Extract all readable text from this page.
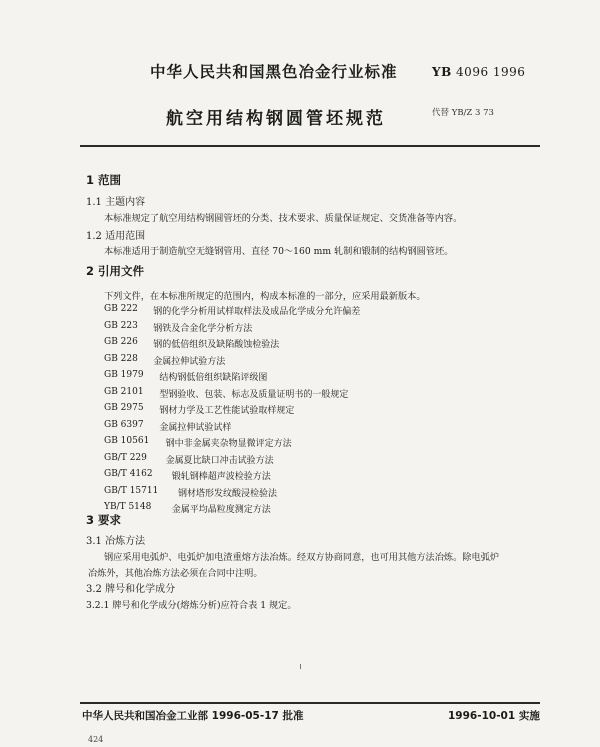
中华人民共和国黑色冶金行业标准	YB 4096 1996
航空用结构钢圆管坯规范	代替 YB/Z 3 73
1 范围
1.1 主题内容
本标准规定了航空用结构钢圆管坯的分类、技术要求、质量保证规定、交货准备等内容。
1.2 适用范围
本标准适用于制造航空无缝钢管用、直径 70～160 mm 轧制和锻制的结构钢圆管坯。
2 引用文件
下列文件，在本标准所规定的范围内，构成本标准的一部分，应采用最新版本。
GB 222 钢的化学分析用试样取样法及成品化学成分允许偏差
GB 223 钢铁及合金化学分析方法
GB 226 钢的低倍组织及缺陷酸蚀检验法
GB 228 金属拉伸试验方法
GB 1979 结构钢低倍组织缺陷评级图
GB 2101 型钢验收、包装、标志及质量证明书的一般规定
GB 2975 钢材力学及工艺性能试验取样规定
GB 6397 金属拉伸试验试样
GB 10561 钢中非金属夹杂物显微评定方法
GB/T 229 金属夏比缺口冲击试验方法
GB/T 4162 锻轧钢棒超声波检验方法
GB/T 15711 钢材塔形发纹酸浸检验法
YB/T 5148 金属平均晶粒度测定方法
3 要求
3.1 冶炼方法
钢应采用电弧炉、电弧炉加电渣重熔方法冶炼。经双方协商同意，也可用其他方法冶炼。除电弧炉
冶炼外，其他冶炼方法必须在合同中注明。
3.2 牌号和化学成分
3.2.1 牌号和化学成分(熔炼分析)应符合表 1 规定。
中华人民共和国冶金工业部 1996-05-17 批准	1996-10-01 实施
424
